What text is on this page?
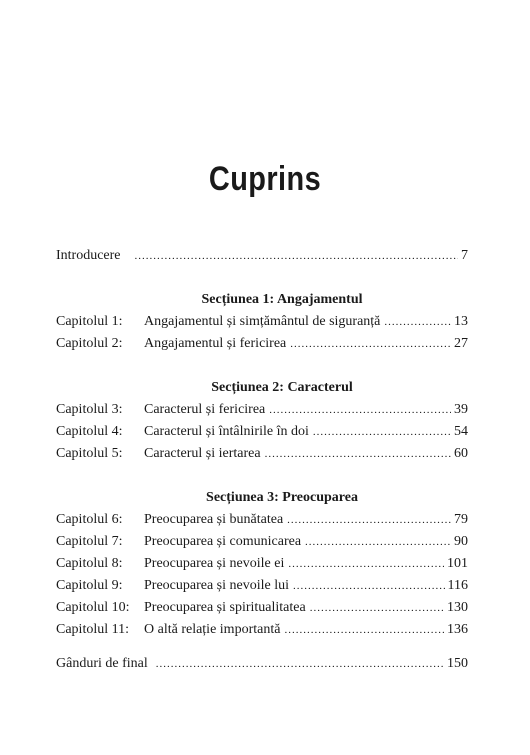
Cuprins
Introducere .....	7
Secțiunea 1: Angajamentul
Capitolul 1:	Angajamentul și simțământul de siguranță .....	13
Capitolul 2:	Angajamentul și fericirea .....	27
Secțiunea 2: Caracterul
Capitolul 3:	Caracterul și fericirea .....	39
Capitolul 4:	Caracterul și întâlnirile în doi .....	54
Capitolul 5:	Caracterul și iertarea .....	60
Secțiunea 3: Preocuparea
Capitolul 6:	Preocuparea și bunătatea .....	79
Capitolul 7:	Preocuparea și comunicarea .....	90
Capitolul 8:	Preocuparea și nevoile ei .....	101
Capitolul 9:	Preocuparea și nevoile lui .....	116
Capitolul 10:	Preocuparea și spiritualitatea .....	130
Capitolul 11:	O altă relație importantă .....	136
Gânduri de final .....	150
